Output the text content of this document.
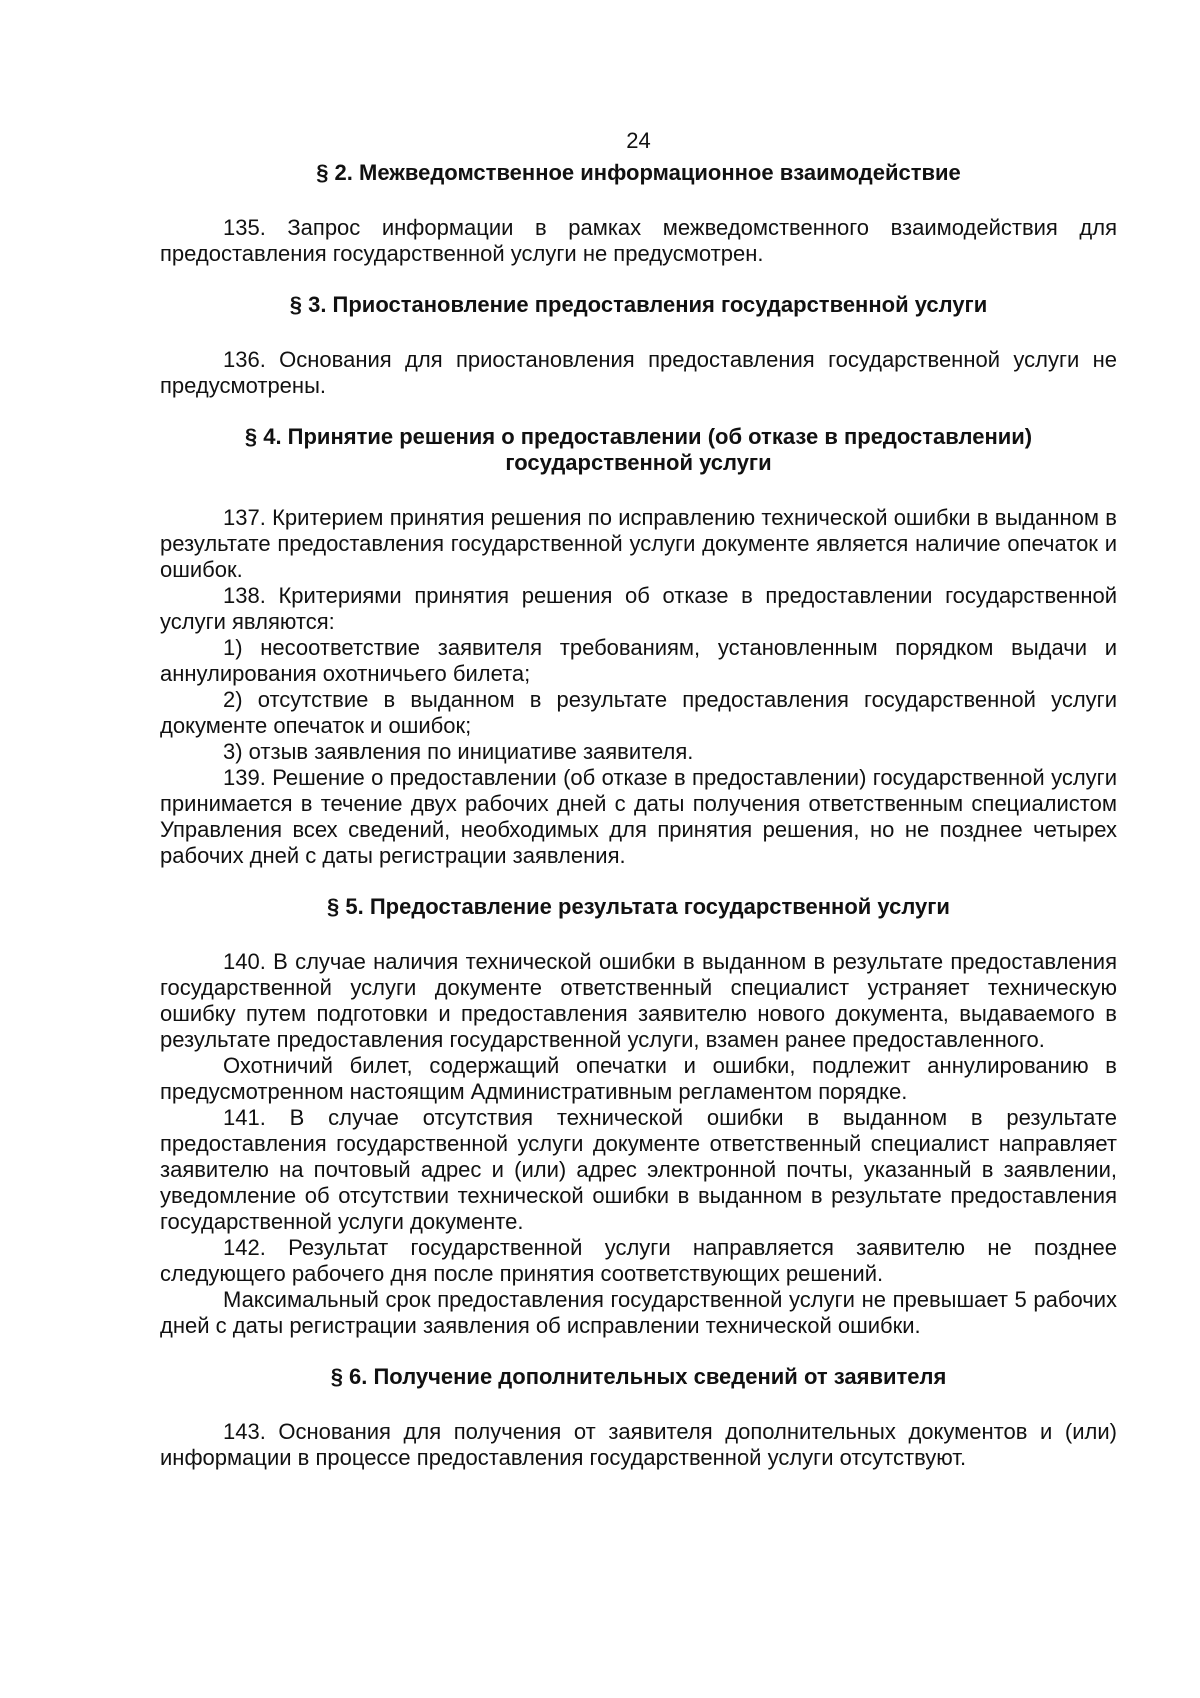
24
§ 2. Межведомственное информационное взаимодействие

135. Запрос информации в рамках межведомственного взаимодействия для предоставления государственной услуги не предусмотрен.

§ 3. Приостановление предоставления государственной услуги

136. Основания для приостановления предоставления государственной услуги не предусмотрены.

§ 4. Принятие решения о предоставлении (об отказе в предоставлении)
государственной услуги

137. Критерием принятия решения по исправлению технической ошибки в выданном в результате предоставления государственной услуги документе является наличие опечаток и ошибок.

138. Критериями принятия решения об отказе в предоставлении государственной услуги являются:

1) несоответствие заявителя требованиям, установленным порядком выдачи и аннулирования охотничьего билета;

2) отсутствие в выданном в результате предоставления государственной услуги документе опечаток и ошибок;

3) отзыв заявления по инициативе заявителя.

139. Решение о предоставлении (об отказе в предоставлении) государственной услуги принимается в течение двух рабочих дней с даты получения ответственным специалистом Управления всех сведений, необходимых для принятия решения, но не позднее четырех рабочих дней с даты регистрации заявления.

§ 5. Предоставление результата государственной услуги

140. В случае наличия технической ошибки в выданном в результате предоставления государственной услуги документе ответственный специалист устраняет техническую ошибку путем подготовки и предоставления заявителю нового документа, выдаваемого в результате предоставления государственной услуги, взамен ранее предоставленного.

Охотничий билет, содержащий опечатки и ошибки, подлежит аннулированию в предусмотренном настоящим Административным регламентом порядке.

141. В случае отсутствия технической ошибки в выданном в результате предоставления государственной услуги документе ответственный специалист направляет заявителю на почтовый адрес и (или) адрес электронной почты, указанный в заявлении, уведомление об отсутствии технической ошибки в выданном в результате предоставления государственной услуги документе.

142. Результат государственной услуги направляется заявителю не позднее следующего рабочего дня после принятия соответствующих решений.

Максимальный срок предоставления государственной услуги не превышает 5 рабочих дней с даты регистрации заявления об исправлении технической ошибки.

§ 6. Получение дополнительных сведений от заявителя

143. Основания для получения от заявителя дополнительных документов и (или) информации в процессе предоставления государственной услуги отсутствуют.
